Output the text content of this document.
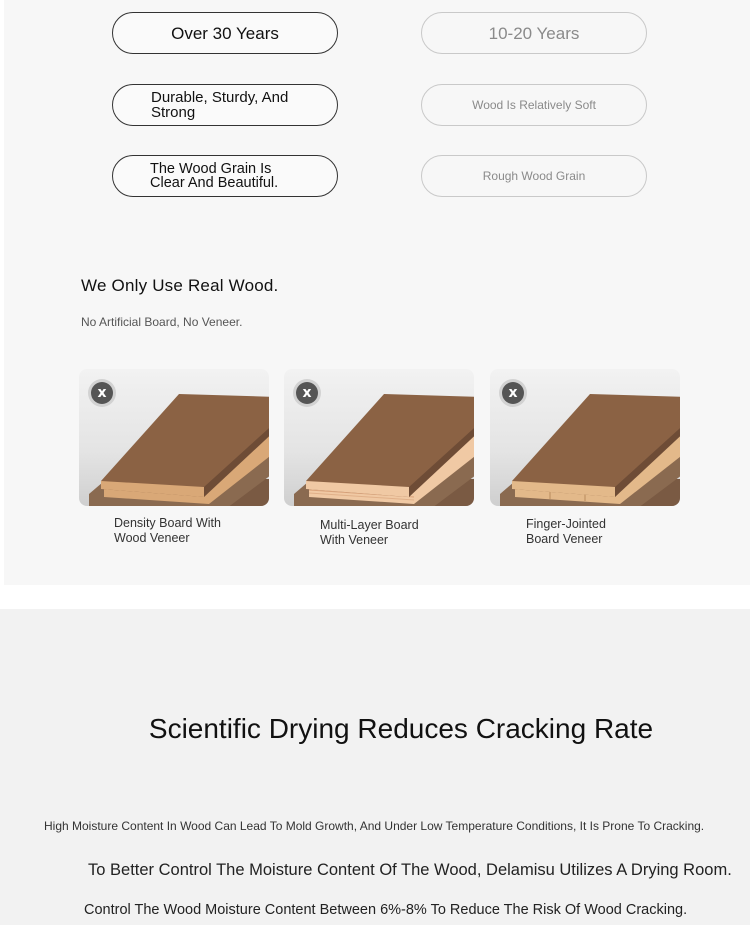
Over 30 Years
Durable, Sturdy, And Strong
The Wood Grain Is Clear And Beautiful.
10-20 Years
Wood Is Relatively Soft
Rough Wood Grain
We Only Use Real Wood.
No Artificial Board, No Veneer.
x	x	x
Density Board With
Wood Veneer
Multi-Layer Board
With Veneer
Finger-Jointed
Board Veneer
Scientific Drying Reduces Cracking Rate
High Moisture Content In Wood Can Lead To Mold Growth, And Under Low Temperature Conditions, It Is Prone To Cracking.
To Better Control The Moisture Content Of The Wood, Delamisu Utilizes A Drying Room.
Control The Wood Moisture Content Between 6%-8% To Reduce The Risk Of Wood Cracking.
